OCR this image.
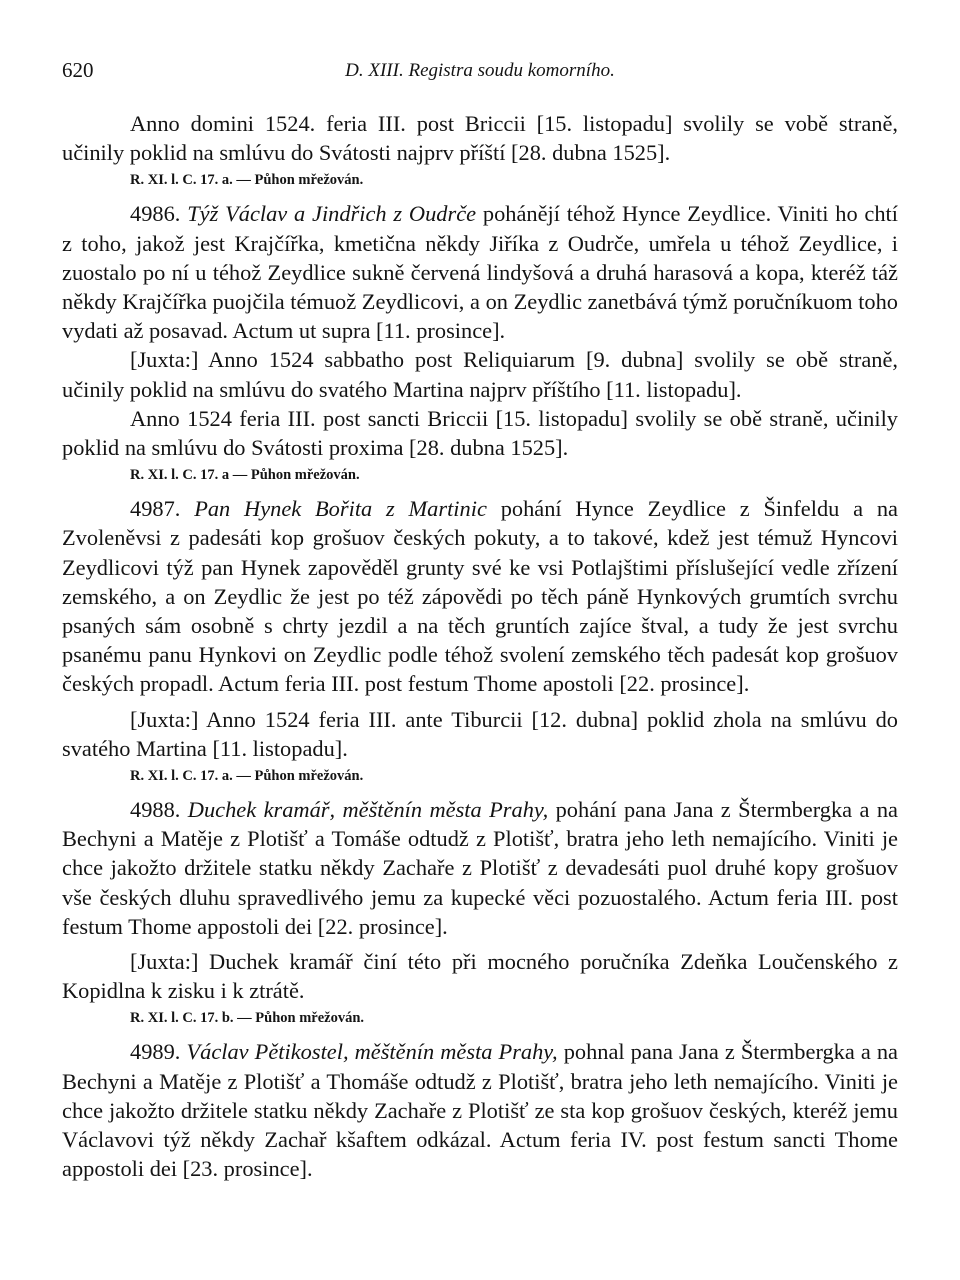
620	D. XIII. Registra soudu komorního.

Anno domini 1524. feria III. post Briccii [15. listopadu] svolily se vobě straně, učinily poklid na smlúvu do Svátosti najprv příští [28. dubna 1525].

R. XI. l. C. 17. a. — Půhon mřežován.

4986. Týž Václav a Jindřich z Oudrče pohánějí téhož Hynce Zeydlice. Viniti ho chtí z toho, jakož jest Krajčířka, kmetična někdy Jiříka z Oudrče, umřela u téhož Zeydlice, i zuostalo po ní u téhož Zeydlice sukně červená lindyšová a druhá harasová a kopa, kteréž táž někdy Krajčířka puojčila témuož Zeydlicovi, a on Zeydlic zanetbává týmž poručníkuom toho vydati až posavad. Actum ut supra [11. prosince].

[Juxta:] Anno 1524 sabbatho post Reliquiarum [9. dubna] svolily se obě straně, učinily poklid na smlúvu do svatého Martina najprv příštího [11. listopadu].

Anno 1524 feria III. post sancti Briccii [15. listopadu] svolily se obě straně, učinily poklid na smlúvu do Svátosti proxima [28. dubna 1525].

R. XI. l. C. 17. a — Půhon mřežován.

4987. Pan Hynek Bořita z Martinic pohání Hynce Zeydlice z Šinfeldu a na Zvoleněvsi z padesáti kop grošuov českých pokuty, a to takové, kdež jest témuž Hyncovi Zeydlicovi týž pan Hynek zapověděl grunty své ke vsi Potlajštimi příslušející vedle zřízení zemského, a on Zeydlic že jest po též zápovědi po těch páně Hynkových grumtích svrchu psaných sám osobně s chrty jezdil a na těch gruntích zajíce štval, a tudy že jest svrchu psanému panu Hynkovi on Zeydlic podle téhož svolení zemského těch padesát kop grošuov českých propadl. Actum feria III. post festum Thome apostoli [22. prosince].

[Juxta:] Anno 1524 feria III. ante Tiburcii [12. dubna] poklid zhola na smlúvu do svatého Martina [11. listopadu].

R. XI. l. C. 17. a. — Půhon mřežován.

4988. Duchek kramář, měštěnín města Prahy, pohání pana Jana z Štermbergka a na Bechyni a Matěje z Plotišť a Tomáše odtudž z Plotišť, bratra jeho leth nemajícího. Viniti je chce jakožto držitele statku někdy Zachaře z Plotišť z devadesáti puol druhé kopy grošuov vše českých dluhu spravedlivého jemu za kupecké věci pozuostalého. Actum feria III. post festum Thome appostoli dei [22. prosince].

[Juxta:] Duchek kramář činí této při mocného poručníka Zdeňka Loučenského z Kopidlna k zisku i k ztrátě.

R. XI. l. C. 17. b. — Půhon mřežován.

4989. Václav Pětikostel, měštěnín města Prahy, pohnal pana Jana z Štermbergka a na Bechyni a Matěje z Plotišť a Thomáše odtudž z Plotišť, bratra jeho leth nemajícího. Viniti je chce jakožto držitele statku někdy Zachaře z Plotišť ze sta kop grošuov českých, kteréž jemu Václavovi týž někdy Zachař kšaftem odkázal. Actum feria IV. post festum sancti Thome appostoli dei [23. prosince].
